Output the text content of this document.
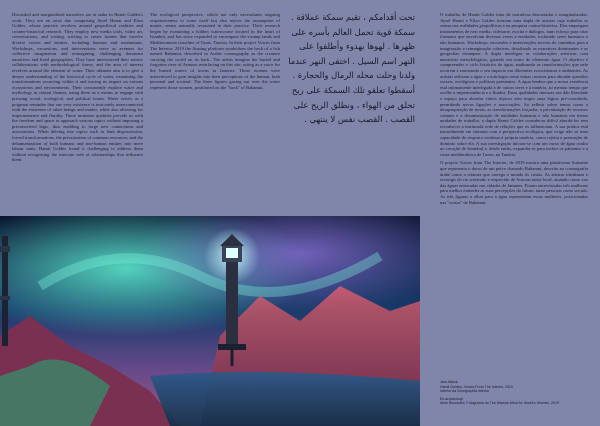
Discarded and marginalized narratives are at stake in Hamit Goldes's work. They are an artist duo comprising Aysel Hamit and Eliza Goldes, whose practice revolves around geopolitical realities and counter-historical research. They employ new media tools, video art, conversations, and writing, striving to create frames that involve diverse voices and entities, including humans and nonhumans. Workshops, excursions, and interventions serve as avenues for collective imagination and reimagining, challenging dominant narratives and fixed geographies. They have interweaved their artistic collaborations with methodological forms, and the area of interest revolves around the element of water. Their ultimate aim is to give a deeper understanding of the historical cycle of water, examining the transformations occurring within it and tracing its impact on various ecosystems and environments. Their consistently explore water and mythology in central themes, using them as a means to engage with pressing social, ecological, and political issues. Water serves as a poignant reminder that our very existence is intricately interconnected with the existence of other beings and matter, while also allowing for impermanence and fluidity. These immense qualities provide us with the freedom and space to approach various topics without imposing a preconceived logic, thus enabling to forge new connections and associations. When delving into topics such as land dispossession, forced transformations, the privatization of common resources, and the dehumanization of both humans and non-human entities into mere labour units, Hamit Goldes found it challenging to address them without recognising the intricate web of relationships that influence them.

The ecological perspective, which not only necessitates ongoing responsiveness to water itself but also rejects the assumption of matter, seems naturally resonated in their practice. Their research began by examining a hidden watercourse located in the heart of Istanbul, and has since expanded to encompass the swamp lands and Mediterranean coastline of Tunis, Tunisia. In their project Voices from The Interior, 2019 the floating platform symbolizes the back of a fish named Bahamut, described in Arabic cosmography as the creature carrying the world on its back. The artists imagine the buried and forgotten river of Armous resurfacing on this site, acting as a voice for the buried waters of towns in Jammes. These women were interviewed to gain insights into their perceptions of the human, both personal and societal. The three figures gazing out over the water represent those women, positioned on the "back" of Bahamut.

تحت أقدامكم ، تقيم سمكة عملاقة . سمكة قوية تحمل العالم بأسره على ظهرها . لهوها بهدوء وأطلقوا على النهر اسم السيل . اختفى النهر عندما ولدنا وحلت محله الرمال والحجارة . أسقطوا تعلقو تلك السمكة على ريح تحلق من الهواء ، ونطلق الريح على القصب . القصب نفس لا ينتهي .

O trabalho de Hamit Goldes trata de narrativas descartadas e marginalizadas. Aysel Hamit e Eliza Goldes formam uma dupla de artistas cujo trabalho se centra nas realidades geopolíticas e na pesquisa contra-histórica. Eles empregam instrumentos de new media, videoarte, escrita e diálogos, num esforço para criar formatos que envolvam diversas vozes e entidades, incluindo seres humanos e não humanos. Workshops, excursões e intervenções servem de caminhos para a imaginação e reimaginação coletivas, desafiando as narrativas dominantes e as geografias estanques. A dupla interligou as colaborações artísticas com narrativas metodológicas, girando em torno do elemento água. O objetivo é compreender o ciclo histórico da água, analisando as transformações que nele ocorrem e rastreando o seu impacto em diferentes ecossistemas e ambientes. As artistas utilizam a água e a mitologia como temas centrais para abordar questões sociais, ecológicas e políticas prementes. A água lembra que a nossa existência está intimamente interligada à de outros seres e à matéria, ao mesmo tempo que acolhe a impermanência e a fluidez. Estas qualidades imensas nos dão liberdade e espaço para abordar vários tópicos sem impor uma lógica pré-concebida, permitindo novas ligações e associações. Ao refletir sobre temas como a desapropriação de terras, as transformações forçadas, a privatização de recursos comuns e a desumanização de entidades humanas e não humanas em meras unidades de trabalho, a dupla Hamit Goldes considerou difícil abordá-los sem reconhecer a intrincada rede de relações que os influenciam. A sua prática está naturalmente em sintonia com a perspectiva ecológica, que exige não só uma capacidade de resposta contínua à própria matéria, como rejeita a presunção de domínio sobre ela. A sua investigação iniciou-se com um curso de água oculto no coração de Istambul e, desde então, expandiu-se para incluir os pântanos e a costa mediterrânica de Tunes, na Tunísia.

O projeto Voices from The Interior, de 2019 mostra uma plataforma flutuante que representa o dorso de um peixe chamado Bahamut, descrito na cosmografia árabe como a criatura que carrega o mundo às costas. As artistas idealizam o ressurgir do rio soterrado e esquecido de Armous neste local, atuando como voz das águas enterradas nas cidades de Jammes. Foram entrevistadas três mulheres para melhor entender as suas percepções do futuro, tanto pessoais como sociais. As três figuras a olhar para a água representam essas mulheres, posicionadas nas "costas" de Bahamut.

Jam Attack
Hamit Goldes, Voices From The Interior, 2019
Interior da Georgraphia interior
Ex-arquivologi
Aline Bouchard, Fotograma do The Marrow Mind for World's Wonder, 2019
